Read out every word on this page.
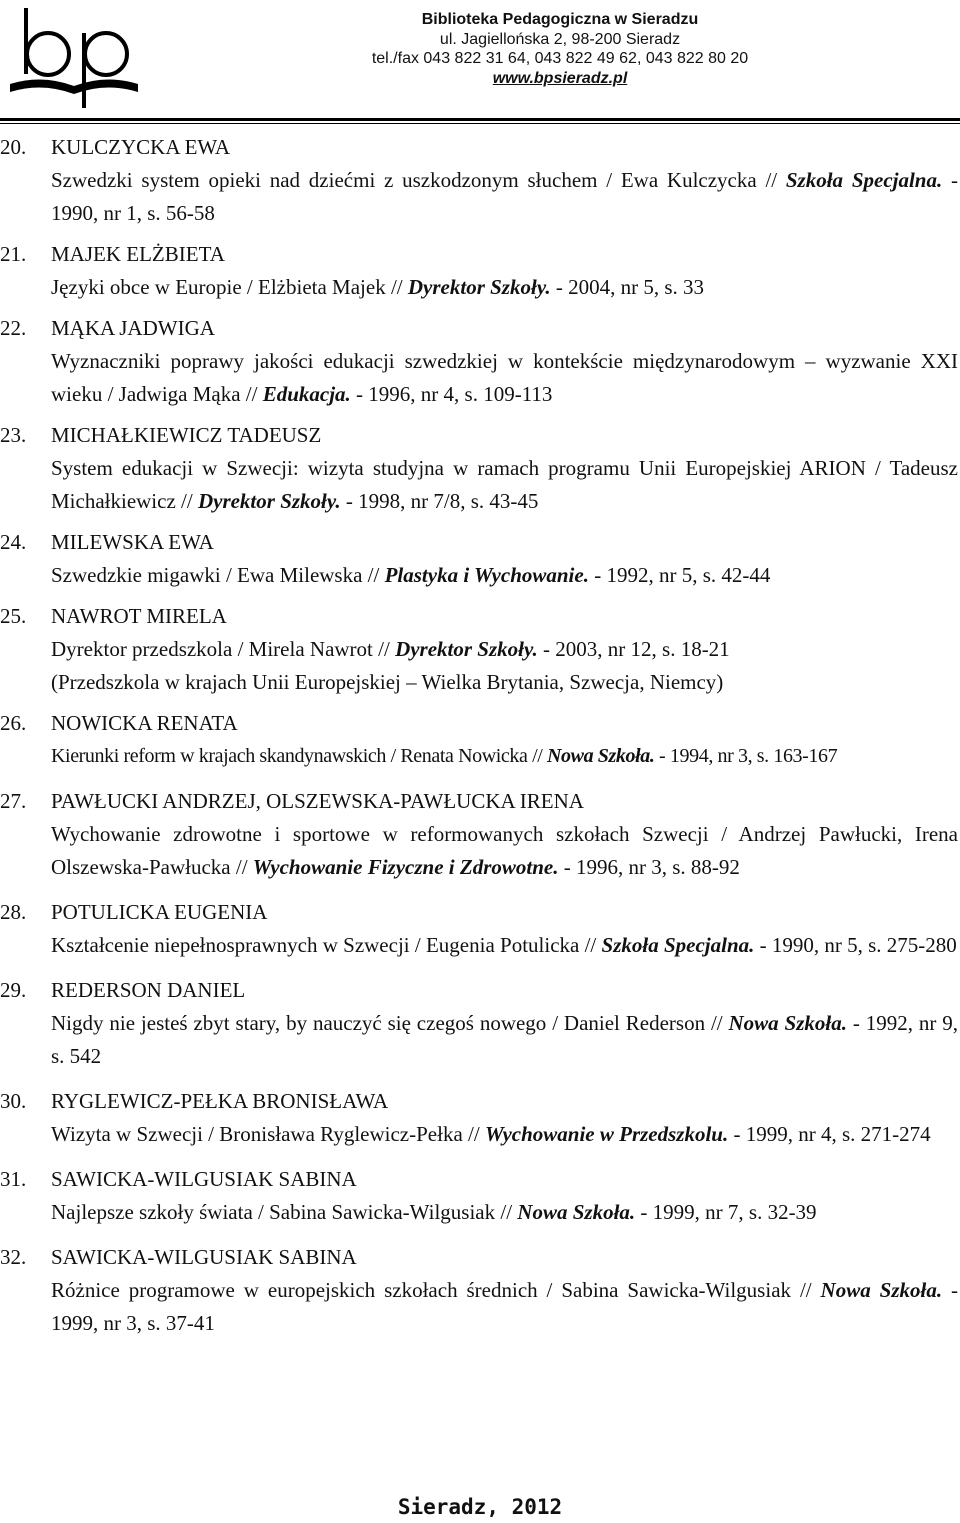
Biblioteka Pedagogiczna w Sieradzu
ul. Jagiellońska 2, 98-200 Sieradz
tel./fax 043 822 31 64, 043 822 49 62, 043 822 80 20
www.bpsieradz.pl
20.	KULCZYCKA EWA
Szwedzki system opieki nad dziećmi z uszkodzonym słuchem / Ewa Kulczycka // Szkoła Specjalna. - 1990, nr 1, s. 56-58
21.	MAJEK ELŻBIETA
Języki obce w Europie / Elżbieta Majek // Dyrektor Szkoły. - 2004, nr 5, s. 33
22.	MĄKA JADWIGA
Wyznaczniki poprawy jakości edukacji szwedzkiej w kontekście międzynarodowym – wyzwanie XXI wieku / Jadwiga Mąka // Edukacja. - 1996, nr 4, s. 109-113
23.	MICHAŁKIEWICZ TADEUSZ
System edukacji w Szwecji: wizyta studyjna w ramach programu Unii Europejskiej ARION / Tadeusz Michałkiewicz // Dyrektor Szkoły. - 1998, nr 7/8, s. 43-45
24.	MILEWSKA EWA
Szwedzkie migawki / Ewa Milewska // Plastyka i Wychowanie. - 1992, nr 5, s. 42-44
25.	NAWROT MIRELA
Dyrektor przedszkola / Mirela Nawrot // Dyrektor Szkoły. - 2003, nr 12, s. 18-21
(Przedszkola w krajach Unii Europejskiej – Wielka Brytania, Szwecja, Niemcy)
26.	NOWICKA RENATA
Kierunki reform w krajach skandynawskich / Renata Nowicka // Nowa Szkoła. - 1994, nr 3, s. 163-167
27.	PAWŁUCKI ANDRZEJ, OLSZEWSKA-PAWŁUCKA IRENA
Wychowanie zdrowotne i sportowe w reformowanych szkołach Szwecji / Andrzej Pawłucki, Irena Olszewska-Pawłucka // Wychowanie Fizyczne i Zdrowotne. - 1996, nr 3, s. 88-92
28.	POTULICKA EUGENIA
Kształcenie niepełnosprawnych w Szwecji / Eugenia Potulicka // Szkoła Specjalna. - 1990, nr 5, s. 275-280
29.	REDERSON DANIEL
Nigdy nie jesteś zbyt stary, by nauczyć się czegoś nowego / Daniel Rederson // Nowa Szkoła. - 1992, nr 9, s. 542
30.	RYGLEWICZ-PEŁKA BRONISŁAWA
Wizyta w Szwecji / Bronisława Ryglewicz-Pełka // Wychowanie w Przedszkolu. - 1999, nr 4, s. 271-274
31.	SAWICKA-WILGUSIAK SABINA
Najlepsze szkoły świata / Sabina Sawicka-Wilgusiak // Nowa Szkoła. - 1999, nr 7, s. 32-39
32.	SAWICKA-WILGUSIAK SABINA
Różnice programowe w europejskich szkołach średnich / Sabina Sawicka-Wilgusiak // Nowa Szkoła. - 1999, nr 3, s. 37-41
Sieradz, 2012
